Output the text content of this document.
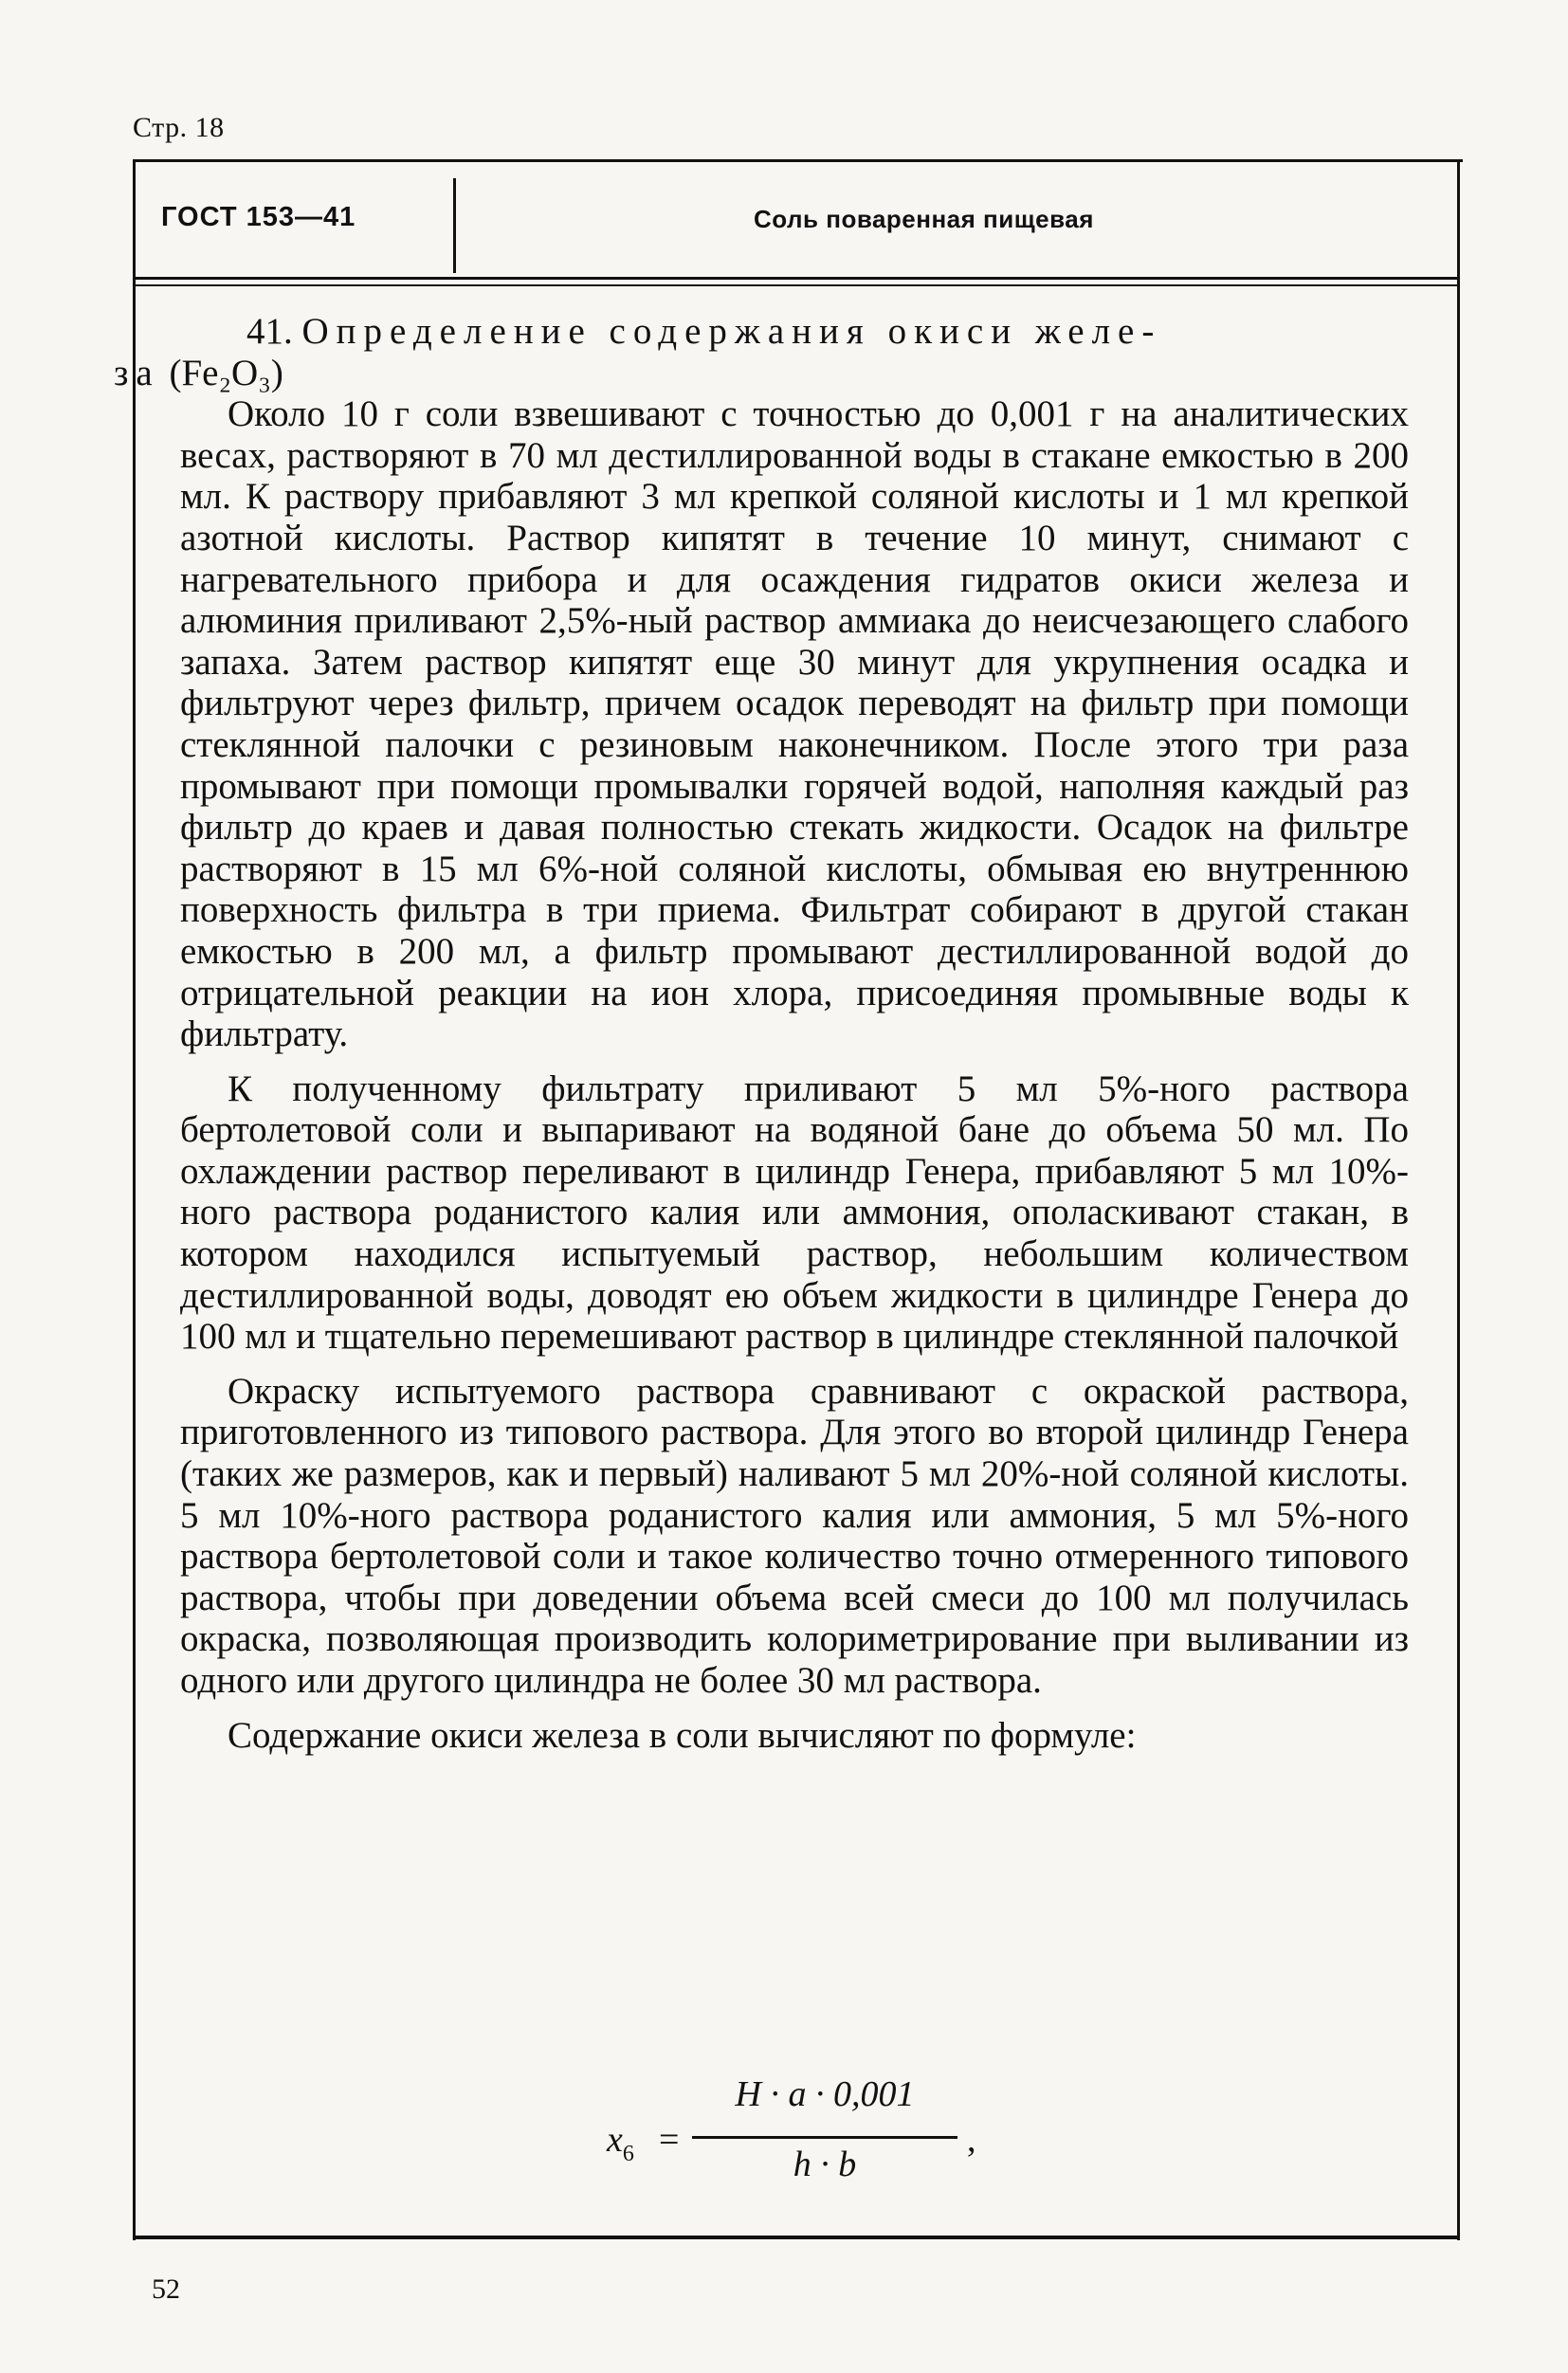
Стр. 18
ГОСТ 153—41	Соль поваренная пищевая

41. Определение содержания окиси желе-
за (Fe₂O₃)

Около 10 г соли взвешивают с точностью до 0,001 г на аналитических весах, растворяют в 70 мл дестиллированной воды в стакане емкостью в 200 мл. К раствору прибавляют 3 мл крепкой соляной кислоты и 1 мл крепкой азотной кислоты. Раствор кипятят в течение 10 минут, снимают с нагревательного прибора и для осаждения гидратов окиси железа и алюминия приливают 2,5%-ный раствор аммиака до неисчезающего слабого запаха. Затем раствор кипятят еще 30 минут для укрупнения осадка и фильтруют через фильтр, причем осадок переводят на фильтр при помощи стеклянной палочки с резиновым наконечником. После этого три раза промывают при помощи промывалки горячей водой, наполняя каждый раз фильтр до краев и давая полностью стекать жидкости. Осадок на фильтре растворяют в 15 мл 6%-ной соляной кислоты, обмывая ею внутреннюю поверхность фильтра в три приема. Фильтрат собирают в другой стакан емкостью в 200 мл, а фильтр промывают дестиллированной водой до отрицательной реакции на ион хлора, присоединяя промывные воды к фильтрату.

К полученному фильтрату приливают 5 мл 5%-ного раствора бертолетовой соли и выпаривают на водяной бане до объема 50 мл. По охлаждении раствор переливают в цилиндр Генера, прибавляют 5 мл 10%-ного раствора роданистого калия или аммония, ополаскивают стакан, в котором находился испытуемый раствор, небольшим количеством дестиллированной воды, доводят ею объем жидкости в цилиндре Генера до 100 мл и тщательно перемешивают раствор в цилиндре стеклянной палочкой

Окраску испытуемого раствора сравнивают с окраской раствора, приготовленного из типового раствора. Для этого во второй цилиндр Генера (таких же размеров, как и первый) наливают 5 мл 20%-ной соляной кислоты. 5 мл 10%-ного раствора роданистого калия или аммония, 5 мл 5%-ного раствора бертолетовой соли и такое количество точно отмеренного типового раствора, чтобы при доведении объема всей смеси до 100 мл получилась окраска, позволяющая производить колориметрирование при выливании из одного или другого цилиндра не более 30 мл раствора.

Содержание окиси железа в соли вычисляют по формуле:

$x_6$ =
H · a · 0,001
h · b
,
52
